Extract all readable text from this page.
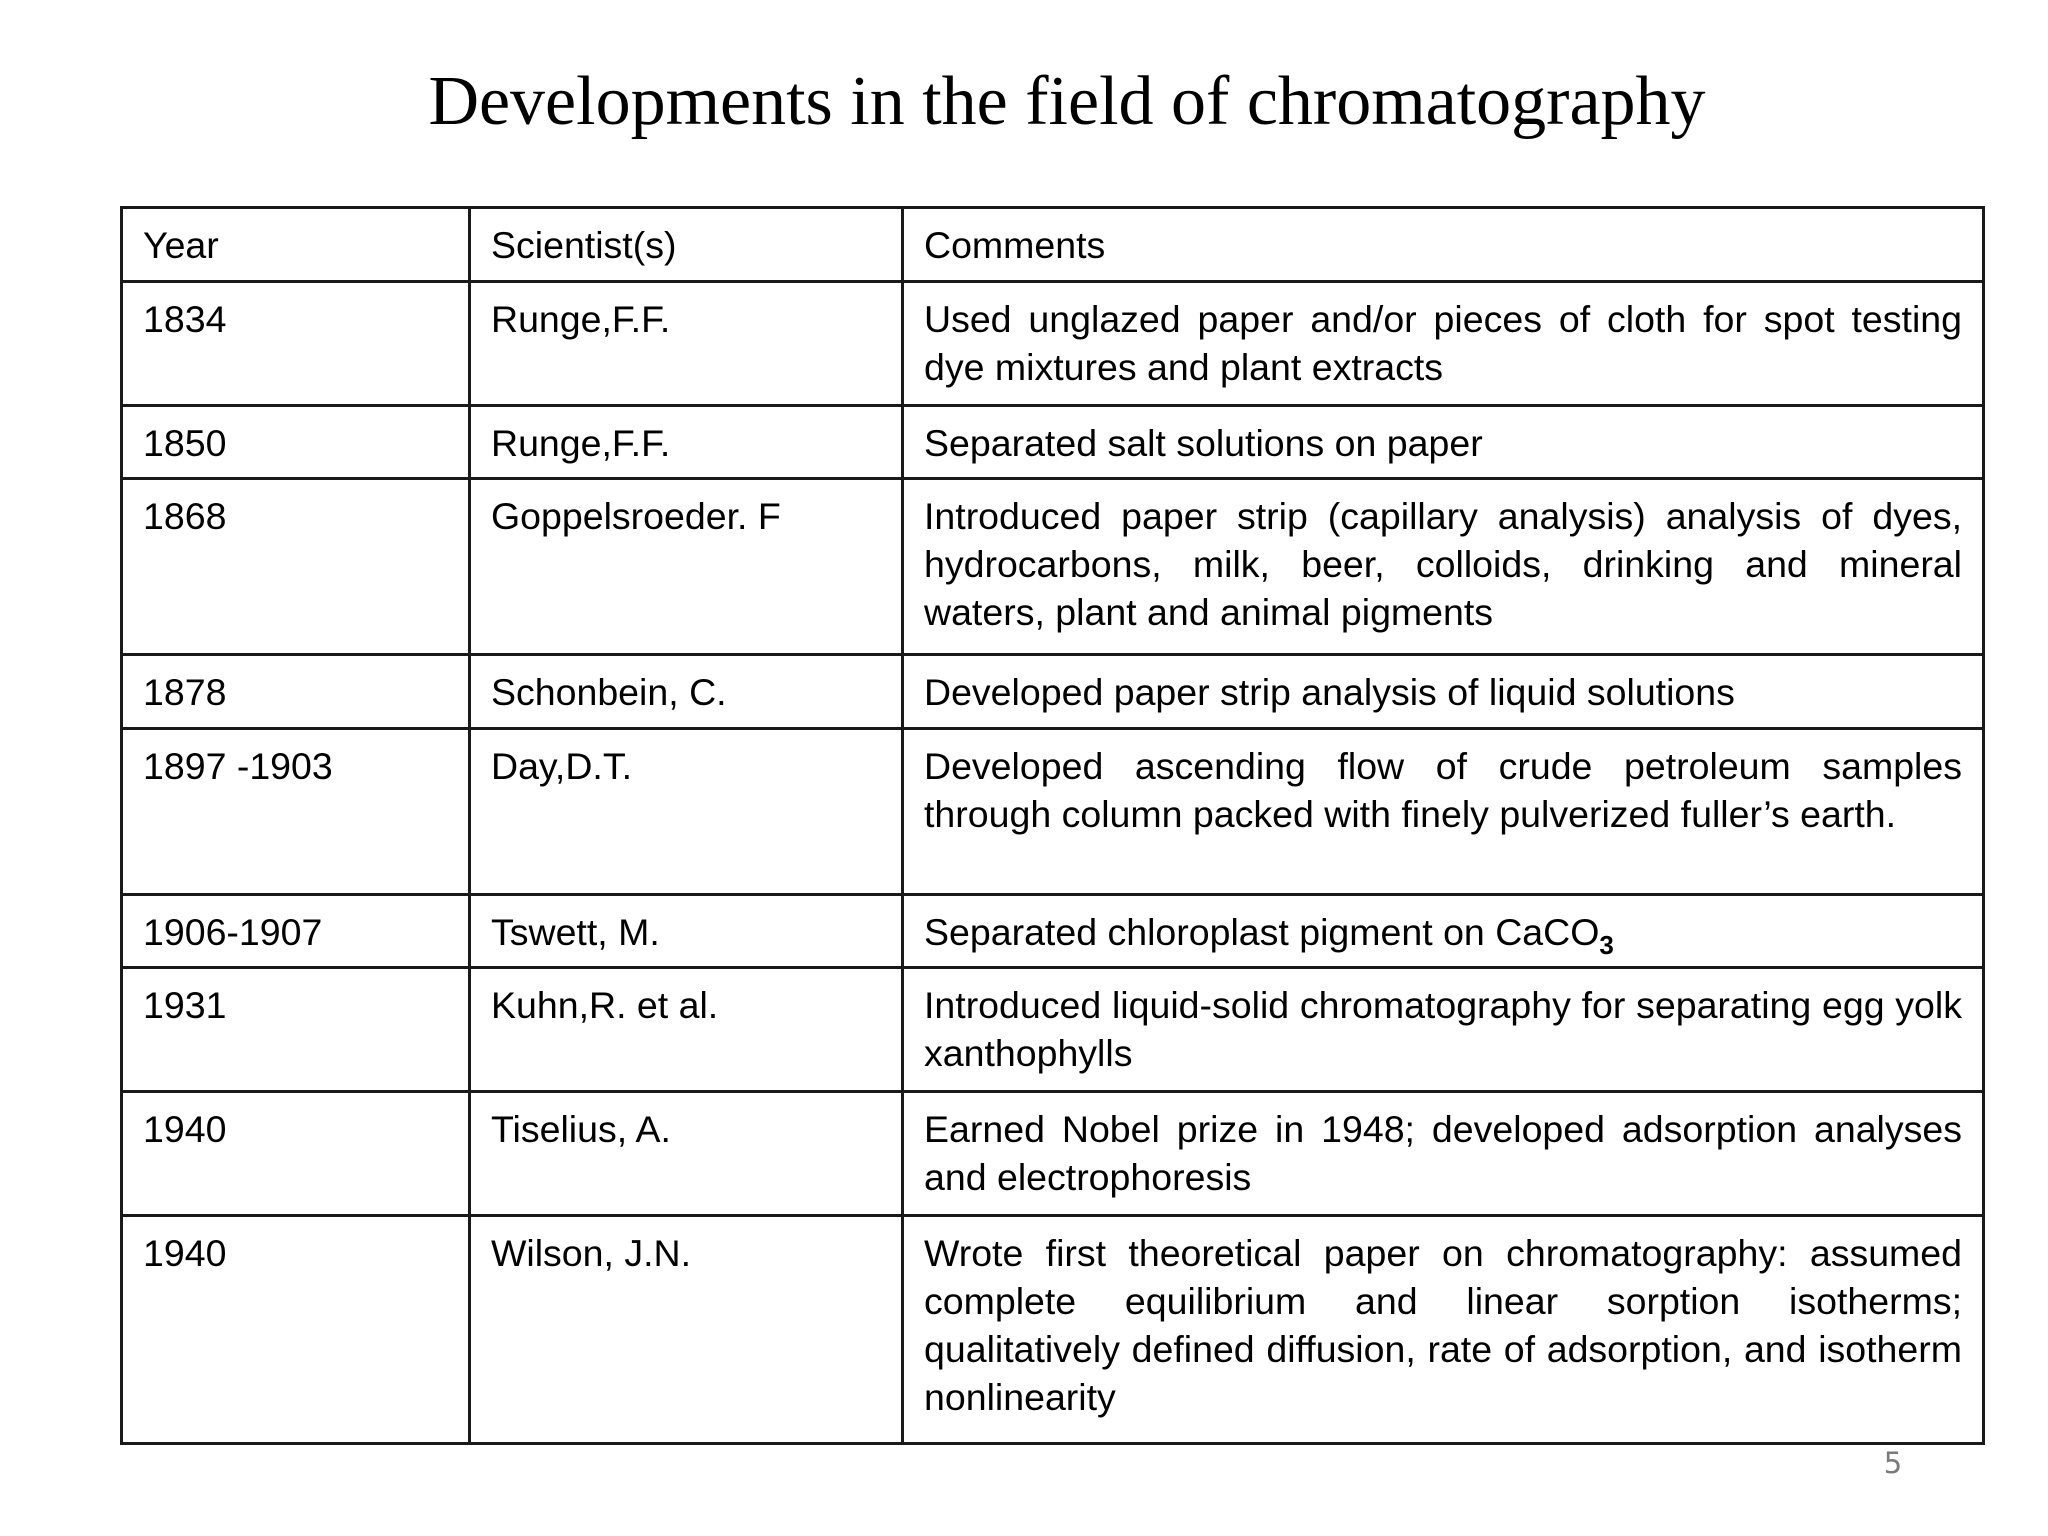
Developments in the field of chromatography
Year	Scientist(s)	Comments
1834	Runge,F.F.	Used unglazed paper and/or pieces of cloth for spot testing dye mixtures and plant extracts
1850	Runge,F.F.	Separated salt solutions on paper
1868	Goppelsroeder. F	Introduced paper strip (capillary analysis) analysis of dyes, hydrocarbons, milk, beer, colloids, drinking and mineral waters, plant and animal pigments
1878	Schonbein, C.	Developed paper strip analysis of liquid solutions
1897 -1903	Day,D.T.	Developed ascending flow of crude petroleum samples through column packed with finely pulverized fuller’s earth.
1906-1907	Tswett, M.	Separated chloroplast pigment on CaCO$_3$
1931	Kuhn,R. et al.	Introduced liquid-solid chromatography for separating egg yolk xanthophylls
1940	Tiselius, A.	Earned Nobel prize in 1948; developed adsorption analyses and electrophoresis
1940	Wilson, J.N.	Wrote first theoretical paper on chromatography: assumed complete equilibrium and linear sorption isotherms; qualitatively defined diffusion, rate of adsorption, and isotherm nonlinearity
5
